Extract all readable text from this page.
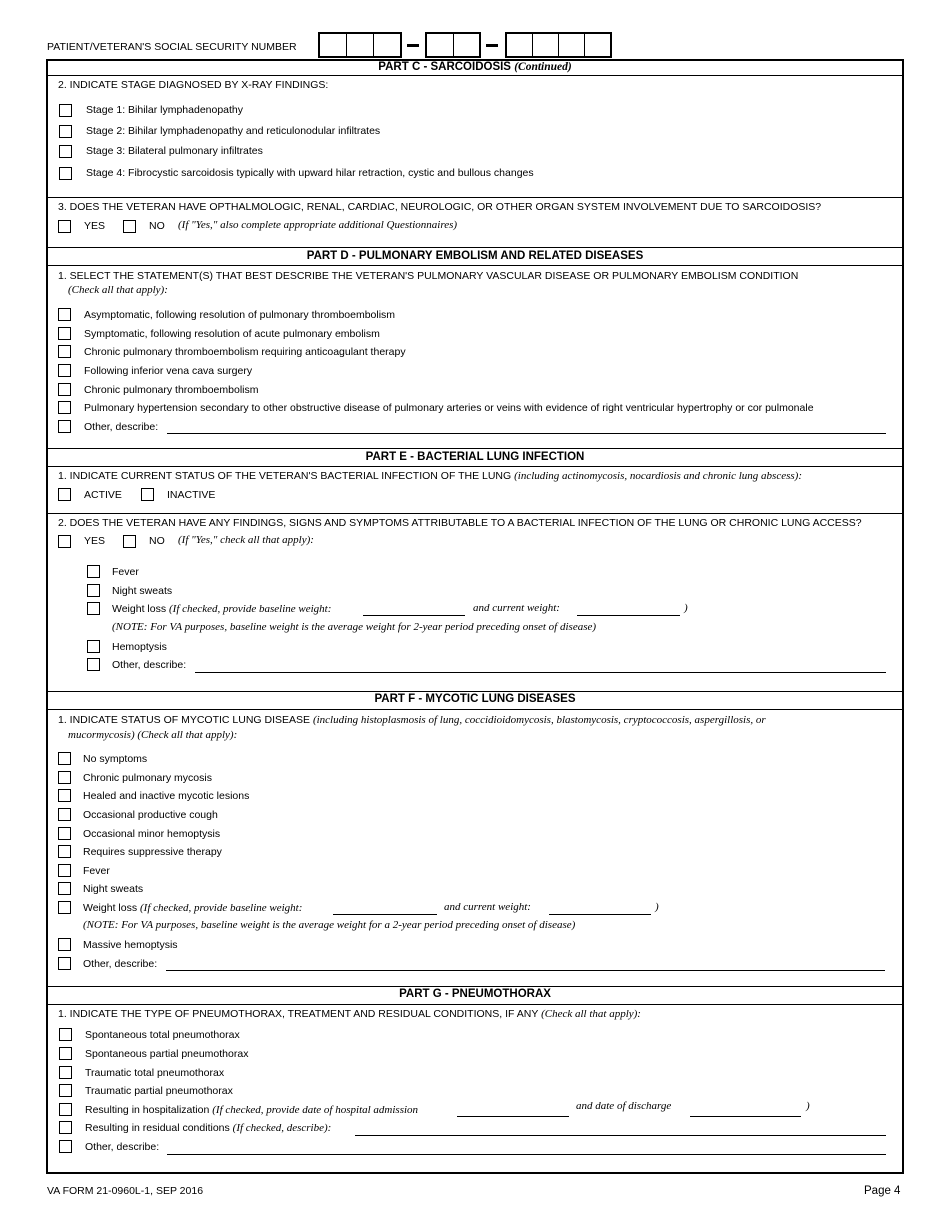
PATIENT/VETERAN'S SOCIAL SECURITY NUMBER
PART C - SARCOIDOSIS (Continued)
2. INDICATE STAGE DIAGNOSED BY X-RAY FINDINGS:
Stage 1: Bihilar lymphadenopathy
Stage 2: Bihilar lymphadenopathy and reticulonodular infiltrates
Stage 3: Bilateral pulmonary infiltrates
Stage 4: Fibrocystic sarcoidosis typically with upward hilar retraction, cystic and bullous changes
3. DOES THE VETERAN HAVE OPTHALMOLOGIC, RENAL, CARDIAC, NEUROLOGIC, OR OTHER ORGAN SYSTEM INVOLVEMENT DUE TO SARCOIDOSIS?
YES	NO (If "Yes," also complete appropriate additional Questionnaires)
PART D - PULMONARY EMBOLISM AND RELATED DISEASES
1. SELECT THE STATEMENT(S) THAT BEST DESCRIBE THE VETERAN'S PULMONARY VASCULAR DISEASE OR PULMONARY EMBOLISM CONDITION
(Check all that apply):
Asymptomatic, following resolution of pulmonary thromboembolism
Symptomatic, following resolution of acute pulmonary embolism
Chronic pulmonary thromboembolism requiring anticoagulant therapy
Following inferior vena cava surgery
Chronic pulmonary thromboembolism
Pulmonary hypertension secondary to other obstructive disease of pulmonary arteries or veins with evidence of right ventricular hypertrophy or cor pulmonale
Other, describe:
PART E - BACTERIAL LUNG INFECTION
1. INDICATE CURRENT STATUS OF THE VETERAN'S BACTERIAL INFECTION OF THE LUNG (including actinomycosis, nocardiosis and chronic lung abscess):
ACTIVE	INACTIVE
2. DOES THE VETERAN HAVE ANY FINDINGS, SIGNS AND SYMPTOMS ATTRIBUTABLE TO A BACTERIAL INFECTION OF THE LUNG OR CHRONIC LUNG ACCESS?
YES	NO (If "Yes," check all that apply):
Fever
Night sweats
Weight loss (If checked, provide baseline weight:	and current weight:	)
(NOTE: For VA purposes, baseline weight is the average weight for 2-year period preceding onset of disease)
Hemoptysis
Other, describe:
PART F - MYCOTIC LUNG DISEASES
1. INDICATE STATUS OF MYCOTIC LUNG DISEASE (including histoplasmosis of lung, coccidioidomycosis, blastomycosis, cryptococcosis, aspergillosis, or
mucormycosis) (Check all that apply):
No symptoms
Chronic pulmonary mycosis
Healed and inactive mycotic lesions
Occasional productive cough
Occasional minor hemoptysis
Requires suppressive therapy
Fever
Night sweats
Weight loss (If checked, provide baseline weight:	and current weight:	)
(NOTE: For VA purposes, baseline weight is the average weight for a 2-year period preceding onset of disease)
Massive hemoptysis
Other, describe:
PART G - PNEUMOTHORAX
1. INDICATE THE TYPE OF PNEUMOTHORAX, TREATMENT AND RESIDUAL CONDITIONS, IF ANY (Check all that apply):
Spontaneous total pneumothorax
Spontaneous partial pneumothorax
Traumatic total pneumothorax
Traumatic partial pneumothorax
Resulting in hospitalization (If checked, provide date of hospital admission	and date of discharge	)
Resulting in residual conditions (If checked, describe):
Other, describe:
VA FORM 21-0960L-1, SEP 2016	Page 4
